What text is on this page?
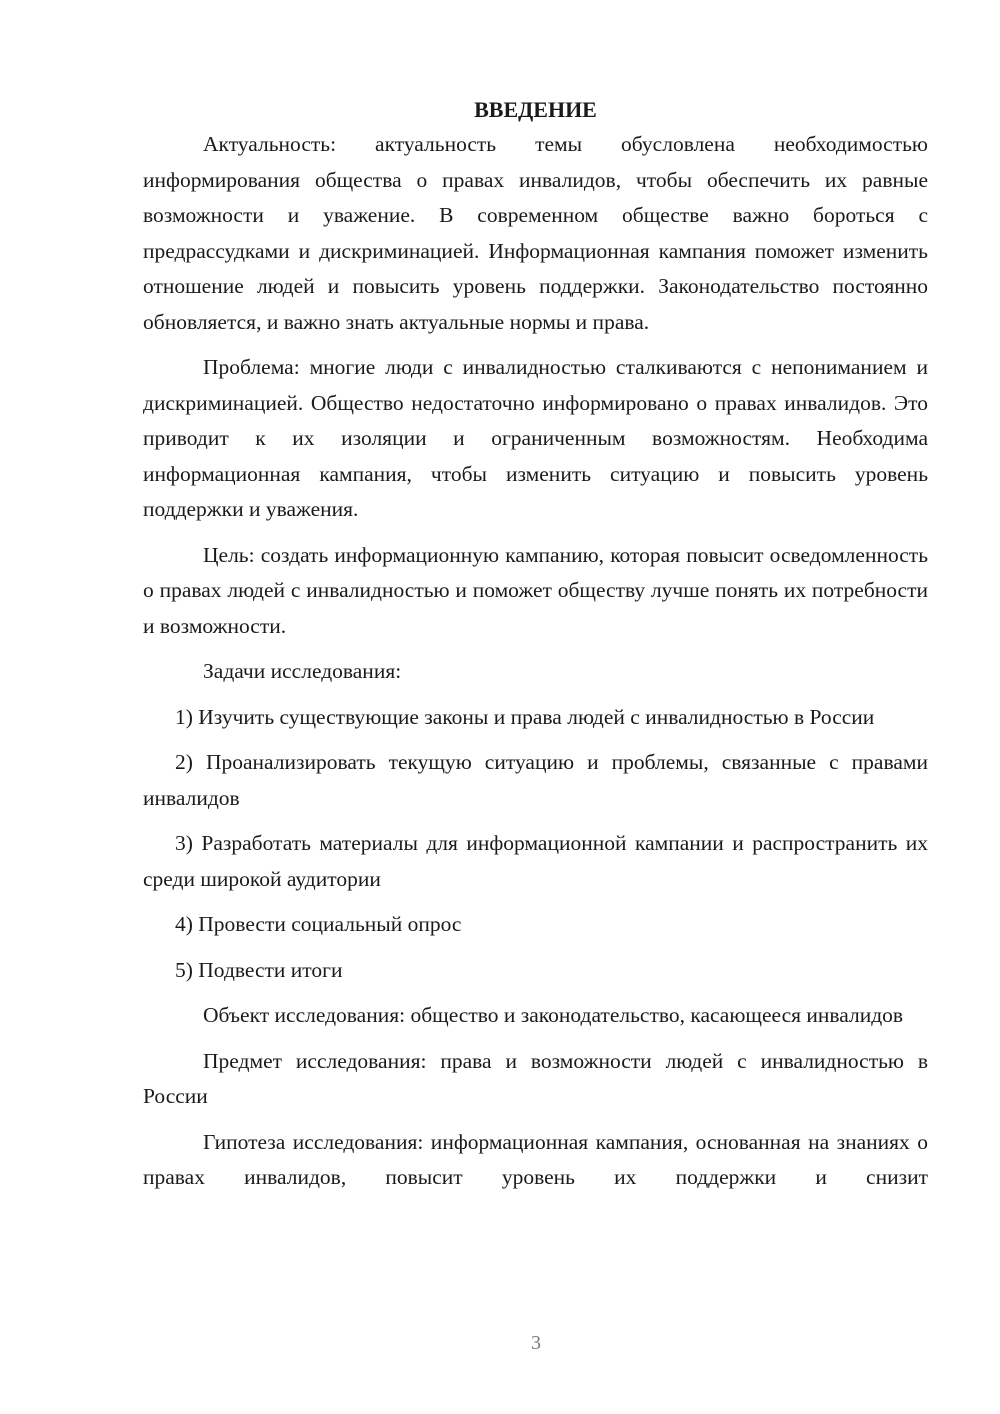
ВВЕДЕНИЕ

Актуальность: актуальность темы обусловлена необходимостью информирования общества о правах инвалидов, чтобы обеспечить их равные возможности и уважение. В современном обществе важно бороться с предрассудками и дискриминацией. Информационная кампания поможет изменить отношение людей и повысить уровень поддержки. Законодательство постоянно обновляется, и важно знать актуальные нормы и права.

Проблема: многие люди с инвалидностью сталкиваются с непониманием и дискриминацией. Общество недостаточно информировано о правах инвалидов. Это приводит к их изоляции и ограниченным возможностям. Необходима информационная кампания, чтобы изменить ситуацию и повысить уровень поддержки и уважения.

Цель: создать информационную кампанию, которая повысит осведомленность о правах людей с инвалидностью и поможет обществу лучше понять их потребности и возможности.

Задачи исследования:

1) Изучить существующие законы и права людей с инвалидностью в России

2) Проанализировать текущую ситуацию и проблемы, связанные с правами инвалидов

3) Разработать материалы для информационной кампании и распространить их среди широкой аудитории

4) Провести социальный опрос

5) Подвести итоги

Объект исследования: общество и законодательство, касающееся инвалидов

Предмет исследования: права и возможности людей с инвалидностью в России

Гипотеза исследования: информационная кампания, основанная на знаниях о правах инвалидов, повысит уровень их поддержки и снизит

3
